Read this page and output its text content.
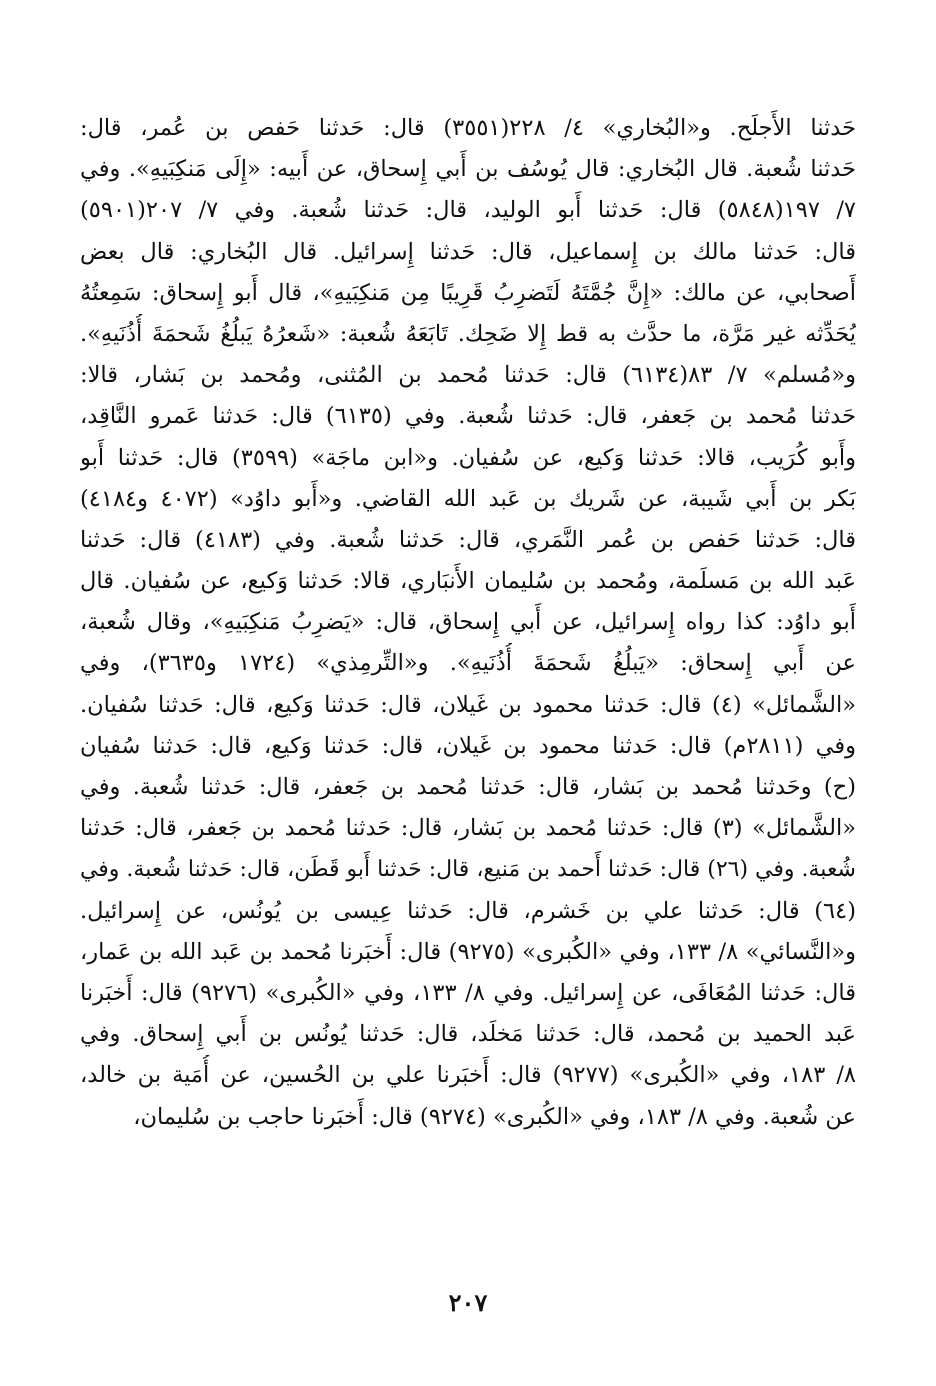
حَدثنا الأَجلَح. و«البُخاري» ٤/ ٢٢٨(٣٥٥١) قال: حَدثنا حَفص بن عُمر، قال:
حَدثنا شُعبة. قال البُخاري: قال يُوسُف بن أَبي إِسحاق، عن أَبيه: «إِلَى مَنكِبَيهِ». وفي
٧/ ١٩٧(٥٨٤٨) قال: حَدثنا أَبو الوليد، قال: حَدثنا شُعبة. وفي ٧/ ٢٠٧(٥٩٠١)
قال: حَدثنا مالك بن إِسماعيل، قال: حَدثنا إِسرائيل. قال البُخاري: قال بعض
أَصحابي، عن مالك: «إِنَّ جُمَّتَهُ لَتَضرِبُ قَرِيبًا مِن مَنكِبَيهِ»، قال أَبو إِسحاق: سَمِعتُهُ
يُحَدِّثه غير مَرَّة، ما حدَّث به قط إِلا ضَحِك. تَابَعَهُ شُعبة: «شَعرُهُ يَبلُغُ شَحمَةَ أُذُنَيهِ».
و«مُسلم» ٧/ ٨٣(٦١٣٤) قال: حَدثنا مُحمد بن المُثنى، ومُحمد بن بَشار، قالا:
حَدثنا مُحمد بن جَعفر، قال: حَدثنا شُعبة. وفي (٦١٣٥) قال: حَدثنا عَمرو النَّاقِد،
وأَبو كُرَيب، قالا: حَدثنا وَكيع، عن سُفيان. و«ابن ماجَة» (٣٥٩٩) قال: حَدثنا أَبو
بَكر بن أَبي شَيبة، عن شَريك بن عَبد الله القاضي. و«أَبو داوُد» (٤٠٧٢ و٤١٨٤)
قال: حَدثنا حَفص بن عُمر النَّمَري، قال: حَدثنا شُعبة. وفي (٤١٨٣) قال: حَدثنا
عَبد الله بن مَسلَمة، ومُحمد بن سُليمان الأَنبَاري، قالا: حَدثنا وَكيع، عن سُفيان. قال
أَبو داوُد: كذا رواه إِسرائيل، عن أَبي إِسحاق، قال: «يَضرِبُ مَنكِبَيهِ»، وقال شُعبة،
عن أَبي إِسحاق: «يَبلُغُ شَحمَةَ أُذُنَيهِ». و«التِّرمِذي» (١٧٢٤ و٣٦٣٥)، وفي
«الشَّمائل» (٤) قال: حَدثنا محمود بن غَيلان، قال: حَدثنا وَكيع، قال: حَدثنا سُفيان.
وفي (٢٨١١م) قال: حَدثنا محمود بن غَيلان، قال: حَدثنا وَكيع، قال: حَدثنا سُفيان
(ح) وحَدثنا مُحمد بن بَشار، قال: حَدثنا مُحمد بن جَعفر، قال: حَدثنا شُعبة. وفي
«الشَّمائل» (٣) قال: حَدثنا مُحمد بن بَشار، قال: حَدثنا مُحمد بن جَعفر، قال: حَدثنا
شُعبة. وفي (٢٦) قال: حَدثنا أَحمد بن مَنيع، قال: حَدثنا أَبو قَطَن، قال: حَدثنا شُعبة. وفي
(٦٤) قال: حَدثنا علي بن خَشرم، قال: حَدثنا عِيسى بن يُونُس، عن إِسرائيل.
و«النَّسائي» ٨/ ١٣٣، وفي «الكُبرى» (٩٢٧٥) قال: أَخبَرنا مُحمد بن عَبد الله بن عَمار،
قال: حَدثنا المُعَافَى، عن إِسرائيل. وفي ٨/ ١٣٣، وفي «الكُبرى» (٩٢٧٦) قال: أَخبَرنا
عَبد الحميد بن مُحمد، قال: حَدثنا مَخلَد، قال: حَدثنا يُونُس بن أَبي إِسحاق. وفي
٨/ ١٨٣، وفي «الكُبرى» (٩٢٧٧) قال: أَخبَرنا علي بن الحُسين، عن أُمَية بن خالد،
عن شُعبة. وفي ٨/ ١٨٣، وفي «الكُبرى» (٩٢٧٤) قال: أَخبَرنا حاجب بن سُليمان،
٢٠٧
